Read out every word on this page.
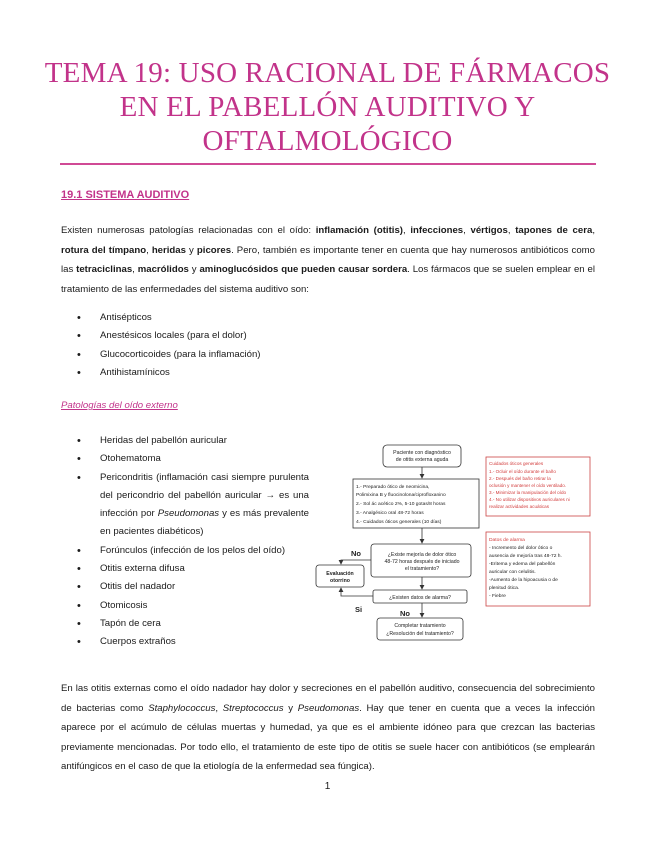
TEMA 19: USO RACIONAL DE FÁRMACOS
EN EL PABELLÓN AUDITIVO Y
OFTALMOLÓGICO
19.1 SISTEMA AUDITIVO
Existen numerosas patologías relacionadas con el oído: inflamación (otitis), infecciones, vértigos, tapones de cera, rotura del tímpano, heridas y picores. Pero, también es importante tener en cuenta que hay numerosos antibióticos como las tetraciclinas, macrólidos y aminoglucósidos que pueden causar sordera. Los fármacos que se suelen emplear en el tratamiento de las enfermedades del sistema auditivo son:
• Antisépticos
• Anestésicos locales (para el dolor)
• Glucocorticoides (para la inflamación)
• Antihistamínicos
Patologías del oído externo
• Heridas del pabellón auricular
• Otohematoma
• Pericondritis (inflamación casi siempre purulenta del pericondrio del pabellón auricular → es una infección por Pseudomonas y es más prevalente en pacientes diabéticos)
• Forúnculos (infección de los pelos del oído)
• Otitis externa difusa
• Otitis del nadador
• Otomicosis
• Tapón de cera
• Cuerpos extraños
Paciente con diagnóstico
de otitis externa aguda
el tratamiento?
¿Existe mejoría de dolor ótico
48-72 horas después de iniciado
Evaluación
otorrino
¿Existen datos de alarma?
Completar tratamiento
¿Resolución del tratamiento?
1.- Preparado ótico de neomicina,
Polimixina B y fluocinolona/ciprofloxanino
2.- Sol ác acético 2%, 5-10 gotas/8 horas
3.- Analgésico oral 48-72 horas
4.- Cuidados óticos generales (10 días)
No
Si	No
Cuidados óticos generales
1.- Ocluir el oído durante el baño
2.- Después del baño retirar la
oclusión y mantener el oído ventilado.
3.- Minimizar la manipulación del oído
4.- No utilizar dispositivos auriculares ni
realizar actividades acuáticas
Datos de alarma
- Incremento del dolor ótico o
ausencia de mejoría tras 48-72 h.
-Eritema y edema del pabellón
auricular con celulitis.
-Aumento de la hipoacusia o de
plenitud ótica.
- Fiebre
En las otitis externas como el oído nadador hay dolor y secreciones en el pabellón auditivo, consecuencia del sobrecimiento de bacterias como Staphylococcus, Streptococcus y Pseudomonas. Hay que tener en cuenta que a veces la infección aparece por el acúmulo de células muertas y humedad, ya que es el ambiente idóneo para que crezcan las bacterias previamente mencionadas. Por todo ello, el tratamiento de este tipo de otitis se suele hacer con antibióticos (se emplearán antifúngicos en el caso de que la etiología de la enfermedad sea fúngica).
1
